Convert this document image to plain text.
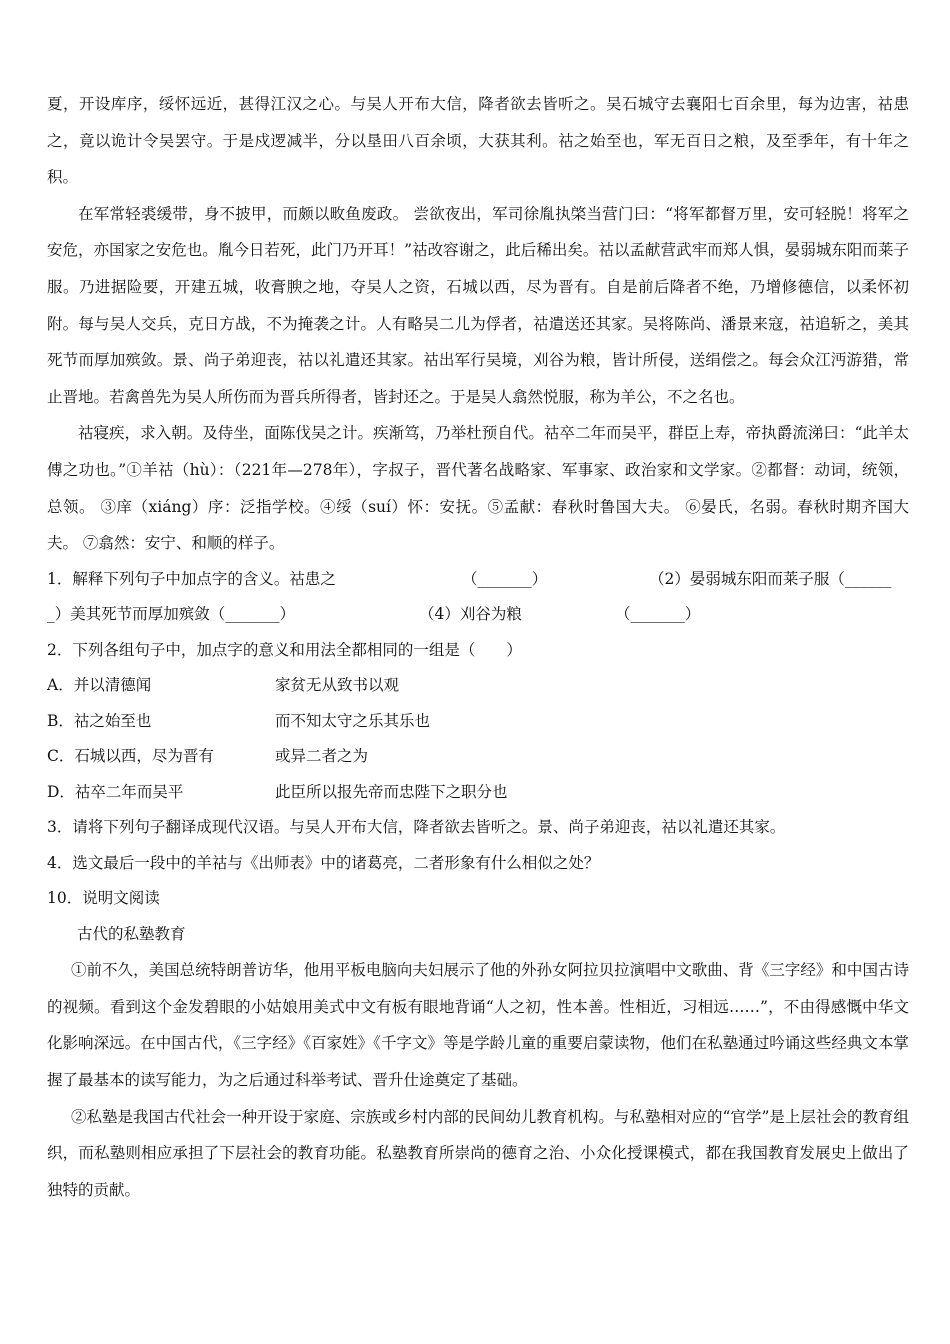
夏，开设库序，绥怀远近，甚得江汉之心。与吴人开布大信，降者欲去皆听之。吴石城守去襄阳七百余里，每为边害，祜患之，竟以诡计令吴罢守。于是戍逻减半，分以垦田八百余顷，大获其利。祜之始至也，军无百日之粮，及至季年，有十年之积。

在军常轻裘缓带，身不披甲，而颇以畋鱼废政。 尝欲夜出，军司徐胤执棨当营门曰：“将军都督万里，安可轻脱！将军之安危，亦国家之安危也。胤今日若死，此门乃开耳！”祜改容谢之，此后稀出矣。祜以孟献营武牢而郑人惧，晏弱城东阳而莱子服。乃进据险要，开建五城，收膏腴之地，夺吴人之资，石城以西，尽为晋有。自是前后降者不绝，乃增修德信，以柔怀初附。每与吴人交兵，克日方战，不为掩袭之计。人有略吴二儿为俘者，祜遣送还其家。吴将陈尚、潘景来寇，祜追斩之，美其死节而厚加殡敛。景、尚子弟迎丧，祜以礼遣还其家。祜出军行吴境，刈谷为粮，皆计所侵，送绢偿之。每会众江沔游猎，常止晋地。若禽兽先为吴人所伤而为晋兵所得者，皆封还之。于是吴人翕然悦服，称为羊公，不之名也。

祜寝疾，求入朝。及侍坐，面陈伐吴之计。疾渐笃，乃举杜预自代。祜卒二年而吴平，群臣上寿，帝执爵流涕曰：“此羊太傅之功也。”①羊祜（hù）：（221年—278年），字叔子，晋代著名战略家、军事家、政治家和文学家。②都督：动词，统领，总领。 ③庠（xiáng）序：泛指学校。④绥（suí）怀：安抚。⑤孟献：春秋时鲁国大夫。 ⑥晏氏，名弱。春秋时期齐国大夫。 ⑦翕然：安宁、和顺的样子。

1．解释下列句子中加点字的含义。祜患之	（_______）	（2）晏弱城东阳而莱子服（______
_）美其死节而厚加殡敛（_______）	（4）刈谷为粮	（_______）
2．下列各组句子中，加点字的意义和用法全都相同的一组是（　　）
A．并以清德闻	家贫无从致书以观
B．祜之始至也	而不知太守之乐其乐也
C．石城以西，尽为晋有	或异二者之为
D．祜卒二年而吴平	此臣所以报先帝而忠陛下之职分也
3．请将下列句子翻译成现代汉语。与吴人开布大信，降者欲去皆听之。景、尚子弟迎丧，祜以礼遣还其家。
4．选文最后一段中的羊祜与《出师表》中的诸葛亮，二者形象有什么相似之处？
10．说明文阅读

古代的私塾教育

①前不久，美国总统特朗普访华，他用平板电脑向夫妇展示了他的外孙女阿拉贝拉演唱中文歌曲、背《三字经》和中国古诗的视频。看到这个金发碧眼的小姑娘用美式中文有板有眼地背诵“人之初，性本善。性相近，习相远……”，不由得感慨中华文化影响深远。在中国古代，《三字经》《百家姓》《千字文》等是学龄儿童的重要启蒙读物，他们在私塾通过吟诵这些经典文本掌握了最基本的读写能力，为之后通过科举考试、晋升仕途奠定了基础。

②私塾是我国古代社会一种开设于家庭、宗族或乡村内部的民间幼儿教育机构。与私塾相对应的“官学”是上层社会的教育组织，而私塾则相应承担了下层社会的教育功能。私塾教育所崇尚的德育之治、小众化授课模式，都在我国教育发展史上做出了独特的贡献。
